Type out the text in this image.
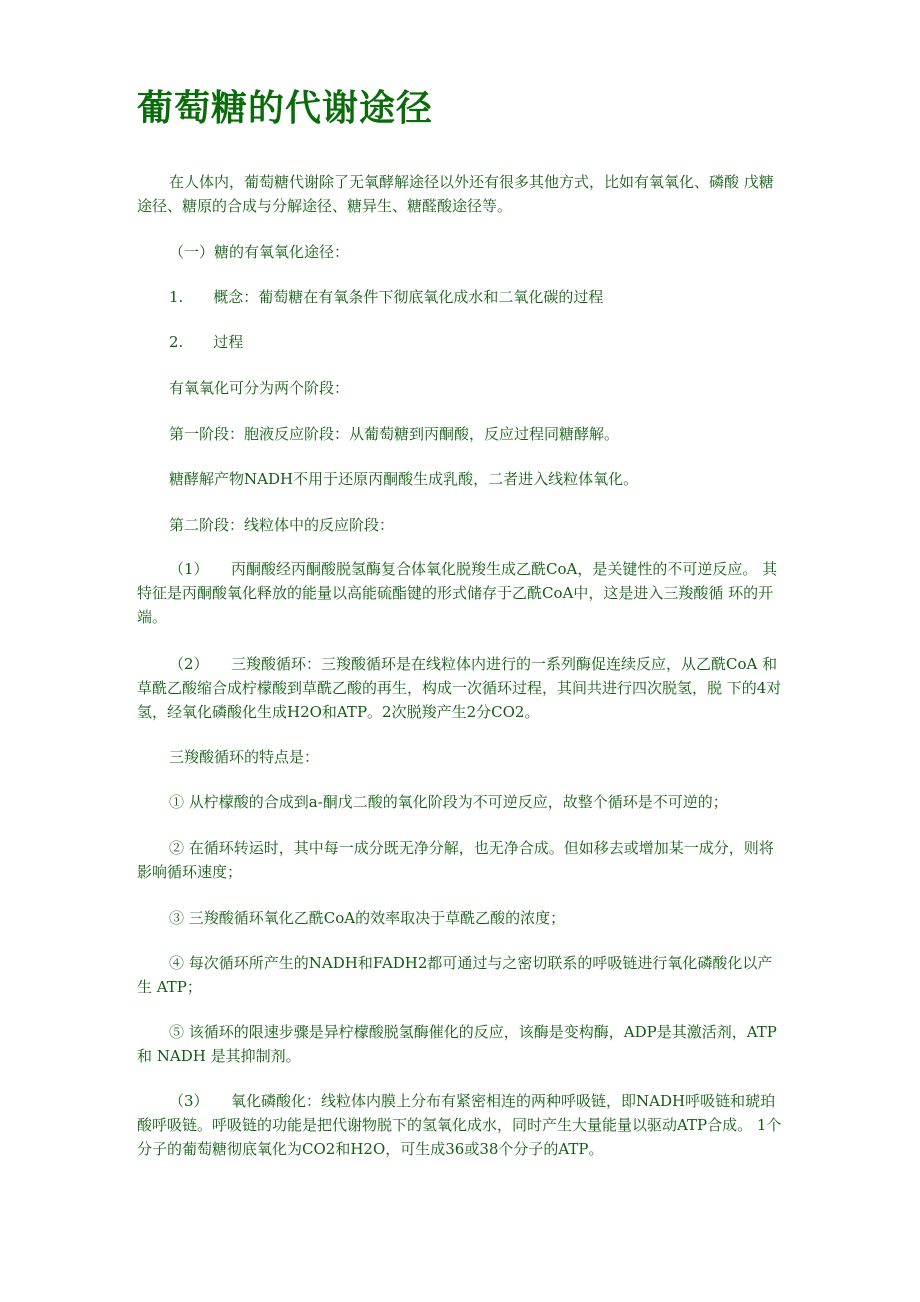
葡萄糖的代谢途径

在人体内，葡萄糖代谢除了无氧酵解途径以外还有很多其他方式，比如有氧氧化、磷酸 戊糖途径、糖原的合成与分解途径、糖异生、糖醛酸途径等。

（一）糖的有氧氧化途径：

1.　　概念：葡萄糖在有氧条件下彻底氧化成水和二氧化碳的过程

2.　　过程

有氧氧化可分为两个阶段：

第一阶段：胞液反应阶段：从葡萄糖到丙酮酸，反应过程同糖酵解。

糖酵解产物NADH不用于还原丙酮酸生成乳酸，二者进入线粒体氧化。

第二阶段：线粒体中的反应阶段：

（1）　　丙酮酸经丙酮酸脱氢酶复合体氧化脱羧生成乙酰CoA，是关键性的不可逆反应。 其特征是丙酮酸氧化释放的能量以高能硫酯键的形式储存于乙酰CoA中，这是进入三羧酸循 环的开端。

（2）　　三羧酸循环：三羧酸循环是在线粒体内进行的一系列酶促连续反应，从乙酰CoA 和草酰乙酸缩合成柠檬酸到草酰乙酸的再生，构成一次循环过程，其间共进行四次脱氢，脱 下的4对氢，经氧化磷酸化生成H2O和ATP。2次脱羧产生2分CO2。

三羧酸循环的特点是：

① 从柠檬酸的合成到a-酮戊二酸的氧化阶段为不可逆反应，故整个循环是不可逆的；

② 在循环转运时，其中每一成分既无净分解，也无净合成。但如移去或增加某一成分，则将影响循环速度；

③ 三羧酸循环氧化乙酰CoA的效率取决于草酰乙酸的浓度；

④ 每次循环所产生的NADH和FADH2都可通过与之密切联系的呼吸链进行氧化磷酸化以产生 ATP；

⑤ 该循环的限速步骤是异柠檬酸脱氢酶催化的反应，该酶是变构酶，ADP是其激活剂，ATP 和 NADH 是其抑制剂。

（3）　　氧化磷酸化：线粒体内膜上分布有紧密相连的两种呼吸链，即NADH呼吸链和琥珀 酸呼吸链。呼吸链的功能是把代谢物脱下的氢氧化成水，同时产生大量能量以驱动ATP合成。 1个分子的葡萄糖彻底氧化为CO2和H2O，可生成36或38个分子的ATP。
